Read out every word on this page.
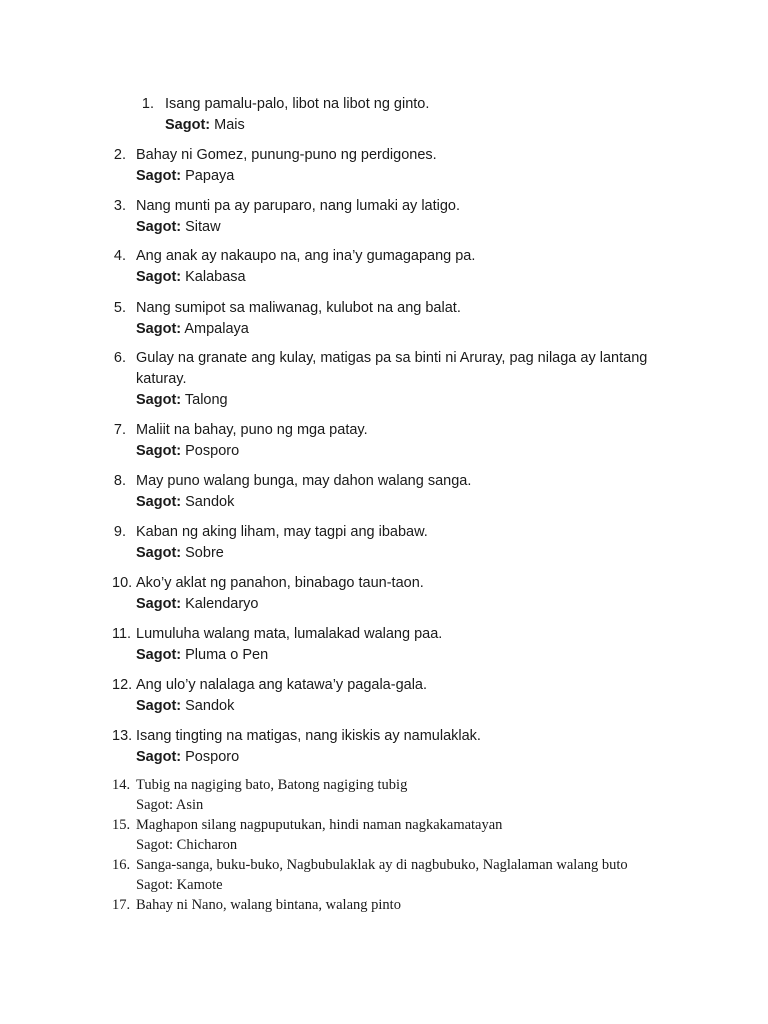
1. Isang pamalu-palo, libot na libot ng ginto.
Sagot: Mais
2. Bahay ni Gomez, punung-puno ng perdigones.
Sagot: Papaya
3. Nang munti pa ay paruparo, nang lumaki ay latigo.
Sagot: Sitaw
4. Ang anak ay nakaupo na, ang ina’y gumagapang pa.
Sagot: Kalabasa
5. Nang sumipot sa maliwanag, kulubot na ang balat.
Sagot: Ampalaya
6. Gulay na granate ang kulay, matigas pa sa binti ni Aruray, pag nilaga ay lantang katuray.
Sagot: Talong
7. Maliit na bahay, puno ng mga patay.
Sagot: Posporo
8. May puno walang bunga, may dahon walang sanga.
Sagot: Sandok
9. Kaban ng aking liham, may tagpi ang ibabaw.
Sagot: Sobre
10. Ako’y aklat ng panahon, binabago taun-taon.
Sagot: Kalendaryo
11. Lumuluha walang mata, lumalakad walang paa.
Sagot: Pluma o Pen
12. Ang ulo’y nalalaga ang katawa’y pagala-gala.
Sagot: Sandok
13. Isang tingting na matigas, nang ikiskis ay namulaklak.
Sagot: Posporo
14. Tubig na nagiging bato, Batong nagiging tubig
Sagot: Asin
15. Maghapon silang nagpuputukan, hindi naman nagkakamatayan
Sagot: Chicharon
16. Sanga-sanga, buku-buko, Nagbubulaklak ay di nagbubuko, Naglalaman walang buto
Sagot: Kamote
17. Bahay ni Nano, walang bintana, walang pinto
